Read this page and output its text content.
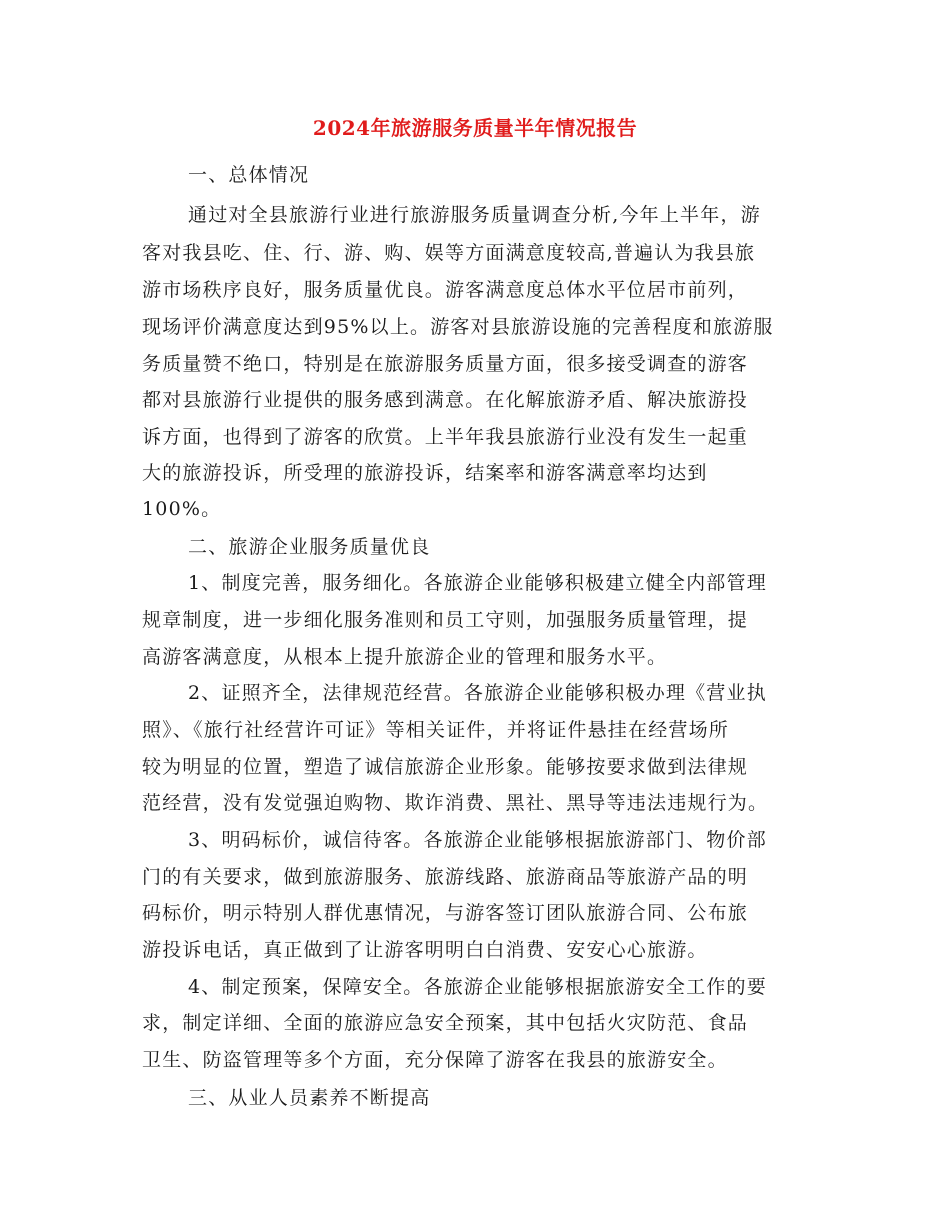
2024年旅游服务质量半年情况报告
一、总体情况
通过对全县旅游行业进行旅游服务质量调查分析,今年上半年，游
客对我县吃、住、行、游、购、娱等方面满意度较高,普遍认为我县旅
游市场秩序良好，服务质量优良。游客满意度总体水平位居市前列，
现场评价满意度达到95%以上。游客对县旅游设施的完善程度和旅游服
务质量赞不绝口，特别是在旅游服务质量方面，很多接受调查的游客
都对县旅游行业提供的服务感到满意。在化解旅游矛盾、解决旅游投
诉方面，也得到了游客的欣赏。上半年我县旅游行业没有发生一起重
大的旅游投诉，所受理的旅游投诉，结案率和游客满意率均达到
100%。
二、旅游企业服务质量优良
1、制度完善，服务细化。各旅游企业能够积极建立健全内部管理
规章制度，进一步细化服务准则和员工守则，加强服务质量管理，提
高游客满意度，从根本上提升旅游企业的管理和服务水平。
2、证照齐全，法律规范经营。各旅游企业能够积极办理《营业执
照》、《旅行社经营许可证》等相关证件，并将证件悬挂在经营场所
较为明显的位置，塑造了诚信旅游企业形象。能够按要求做到法律规
范经营，没有发觉强迫购物、欺诈消费、黑社、黑导等违法违规行为。
3、明码标价，诚信待客。各旅游企业能够根据旅游部门、物价部
门的有关要求，做到旅游服务、旅游线路、旅游商品等旅游产品的明
码标价，明示特别人群优惠情况，与游客签订团队旅游合同、公布旅
游投诉电话，真正做到了让游客明明白白消费、安安心心旅游。
4、制定预案，保障安全。各旅游企业能够根据旅游安全工作的要
求，制定详细、全面的旅游应急安全预案，其中包括火灾防范、食品
卫生、防盗管理等多个方面，充分保障了游客在我县的旅游安全。
三、从业人员素养不断提高
